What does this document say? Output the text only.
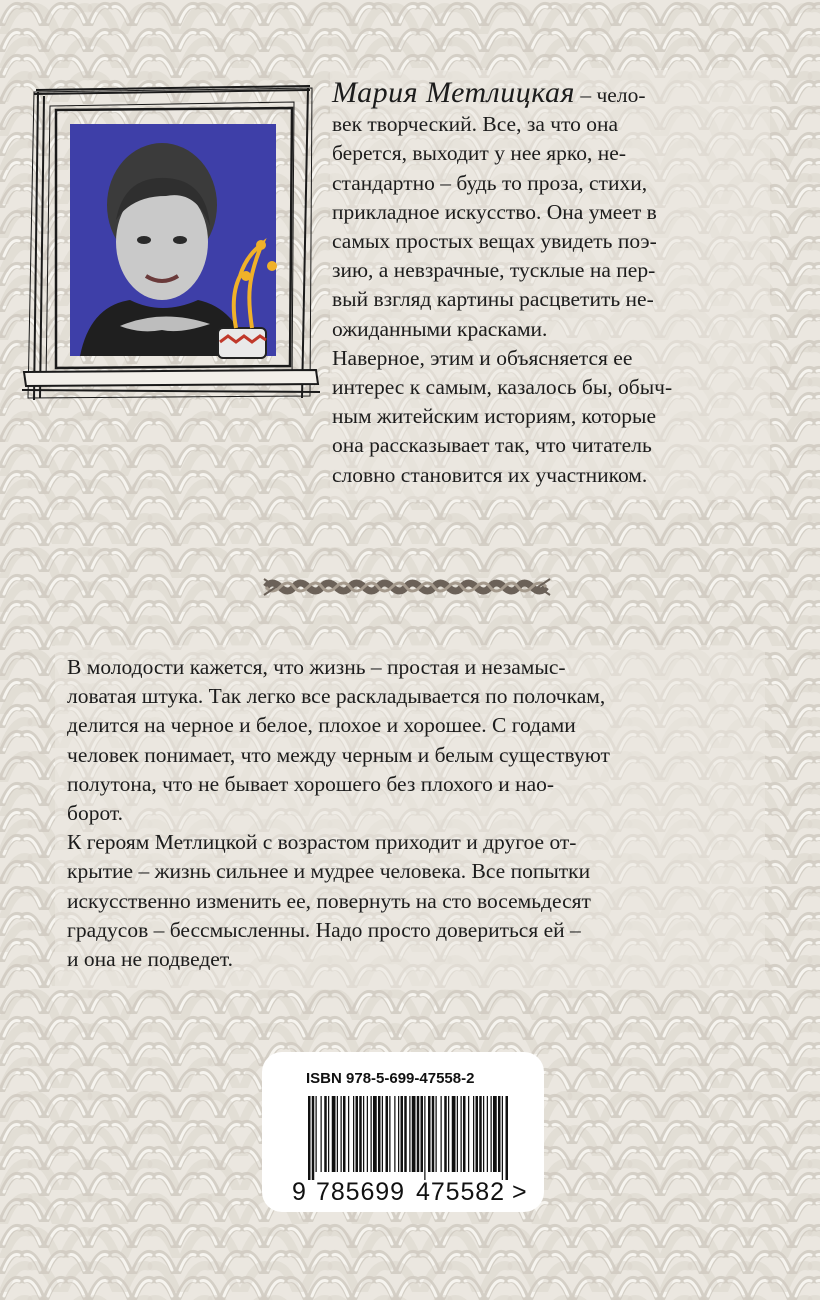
Мария Метлицкая – чело-
век творческий. Все, за что она
берется, выходит у нее ярко, не-
стандартно – будь то проза, стихи,
прикладное искусство. Она умеет в
самых простых вещах увидеть поэ-
зию, а невзрачные, тусклые на пер-
вый взгляд картины расцветить не-
ожиданными красками.

Наверное, этим и объясняется ее
интерес к самым, казалось бы, обыч-
ным житейским историям, которые
она рассказывает так, что читатель
словно становится их участником.

В молодости кажется, что жизнь – простая и незамыс-
ловатая штука. Так легко все раскладывается по полочкам,
делится на черное и белое, плохое и хорошее. С годами
человек понимает, что между черным и белым существуют
полутона, что не бывает хорошего без плохого и нао-
борот.

К героям Метлицкой с возрастом приходит и другое от-
крытие – жизнь сильнее и мудрее человека. Все попытки
искусственно изменить ее, повернуть на сто восемьдесят
градусов – бессмысленны. Надо просто довериться ей –
и она не подведет.

ISBN 978-5-699-47558-2
9 785699 475582 >
